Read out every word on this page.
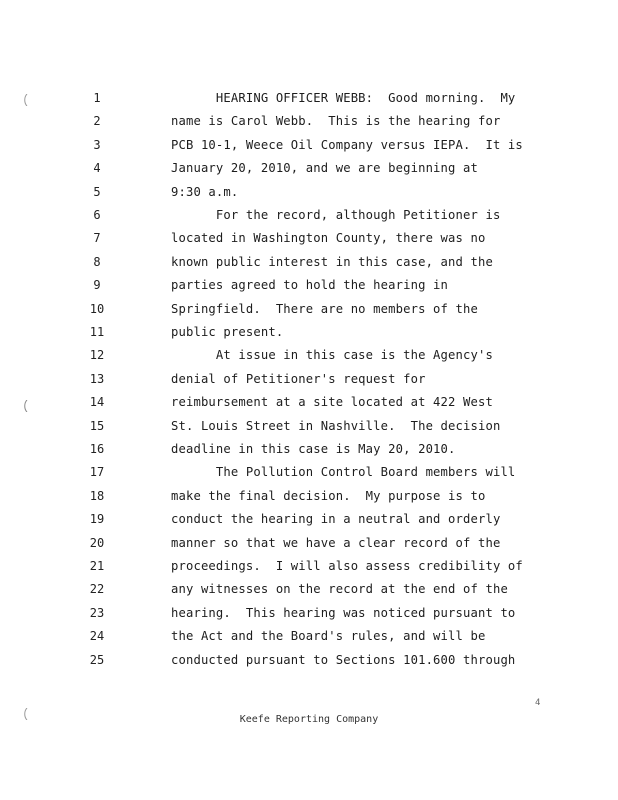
1	HEARING OFFICER WEBB:  Good morning.  My
2	name is Carol Webb.  This is the hearing for
3	PCB 10-1, Weece Oil Company versus IEPA.  It is
4	January 20, 2010, and we are beginning at
5	9:30 a.m.
6	For the record, although Petitioner is
7	located in Washington County, there was no
8	known public interest in this case, and the
9	parties agreed to hold the hearing in
10	Springfield.  There are no members of the
11	public present.
12	At issue in this case is the Agency's
13	denial of Petitioner's request for
14	reimbursement at a site located at 422 West
15	St. Louis Street in Nashville.  The decision
16	deadline in this case is May 20, 2010.
17	The Pollution Control Board members will
18	make the final decision.  My purpose is to
19	conduct the hearing in a neutral and orderly
20	manner so that we have a clear record of the
21	proceedings.  I will also assess credibility of
22	any witnesses on the record at the end of the
23	hearing.  This hearing was noticed pursuant to
24	the Act and the Board's rules, and will be
25	conducted pursuant to Sections 101.600 through
4
Keefe Reporting Company
